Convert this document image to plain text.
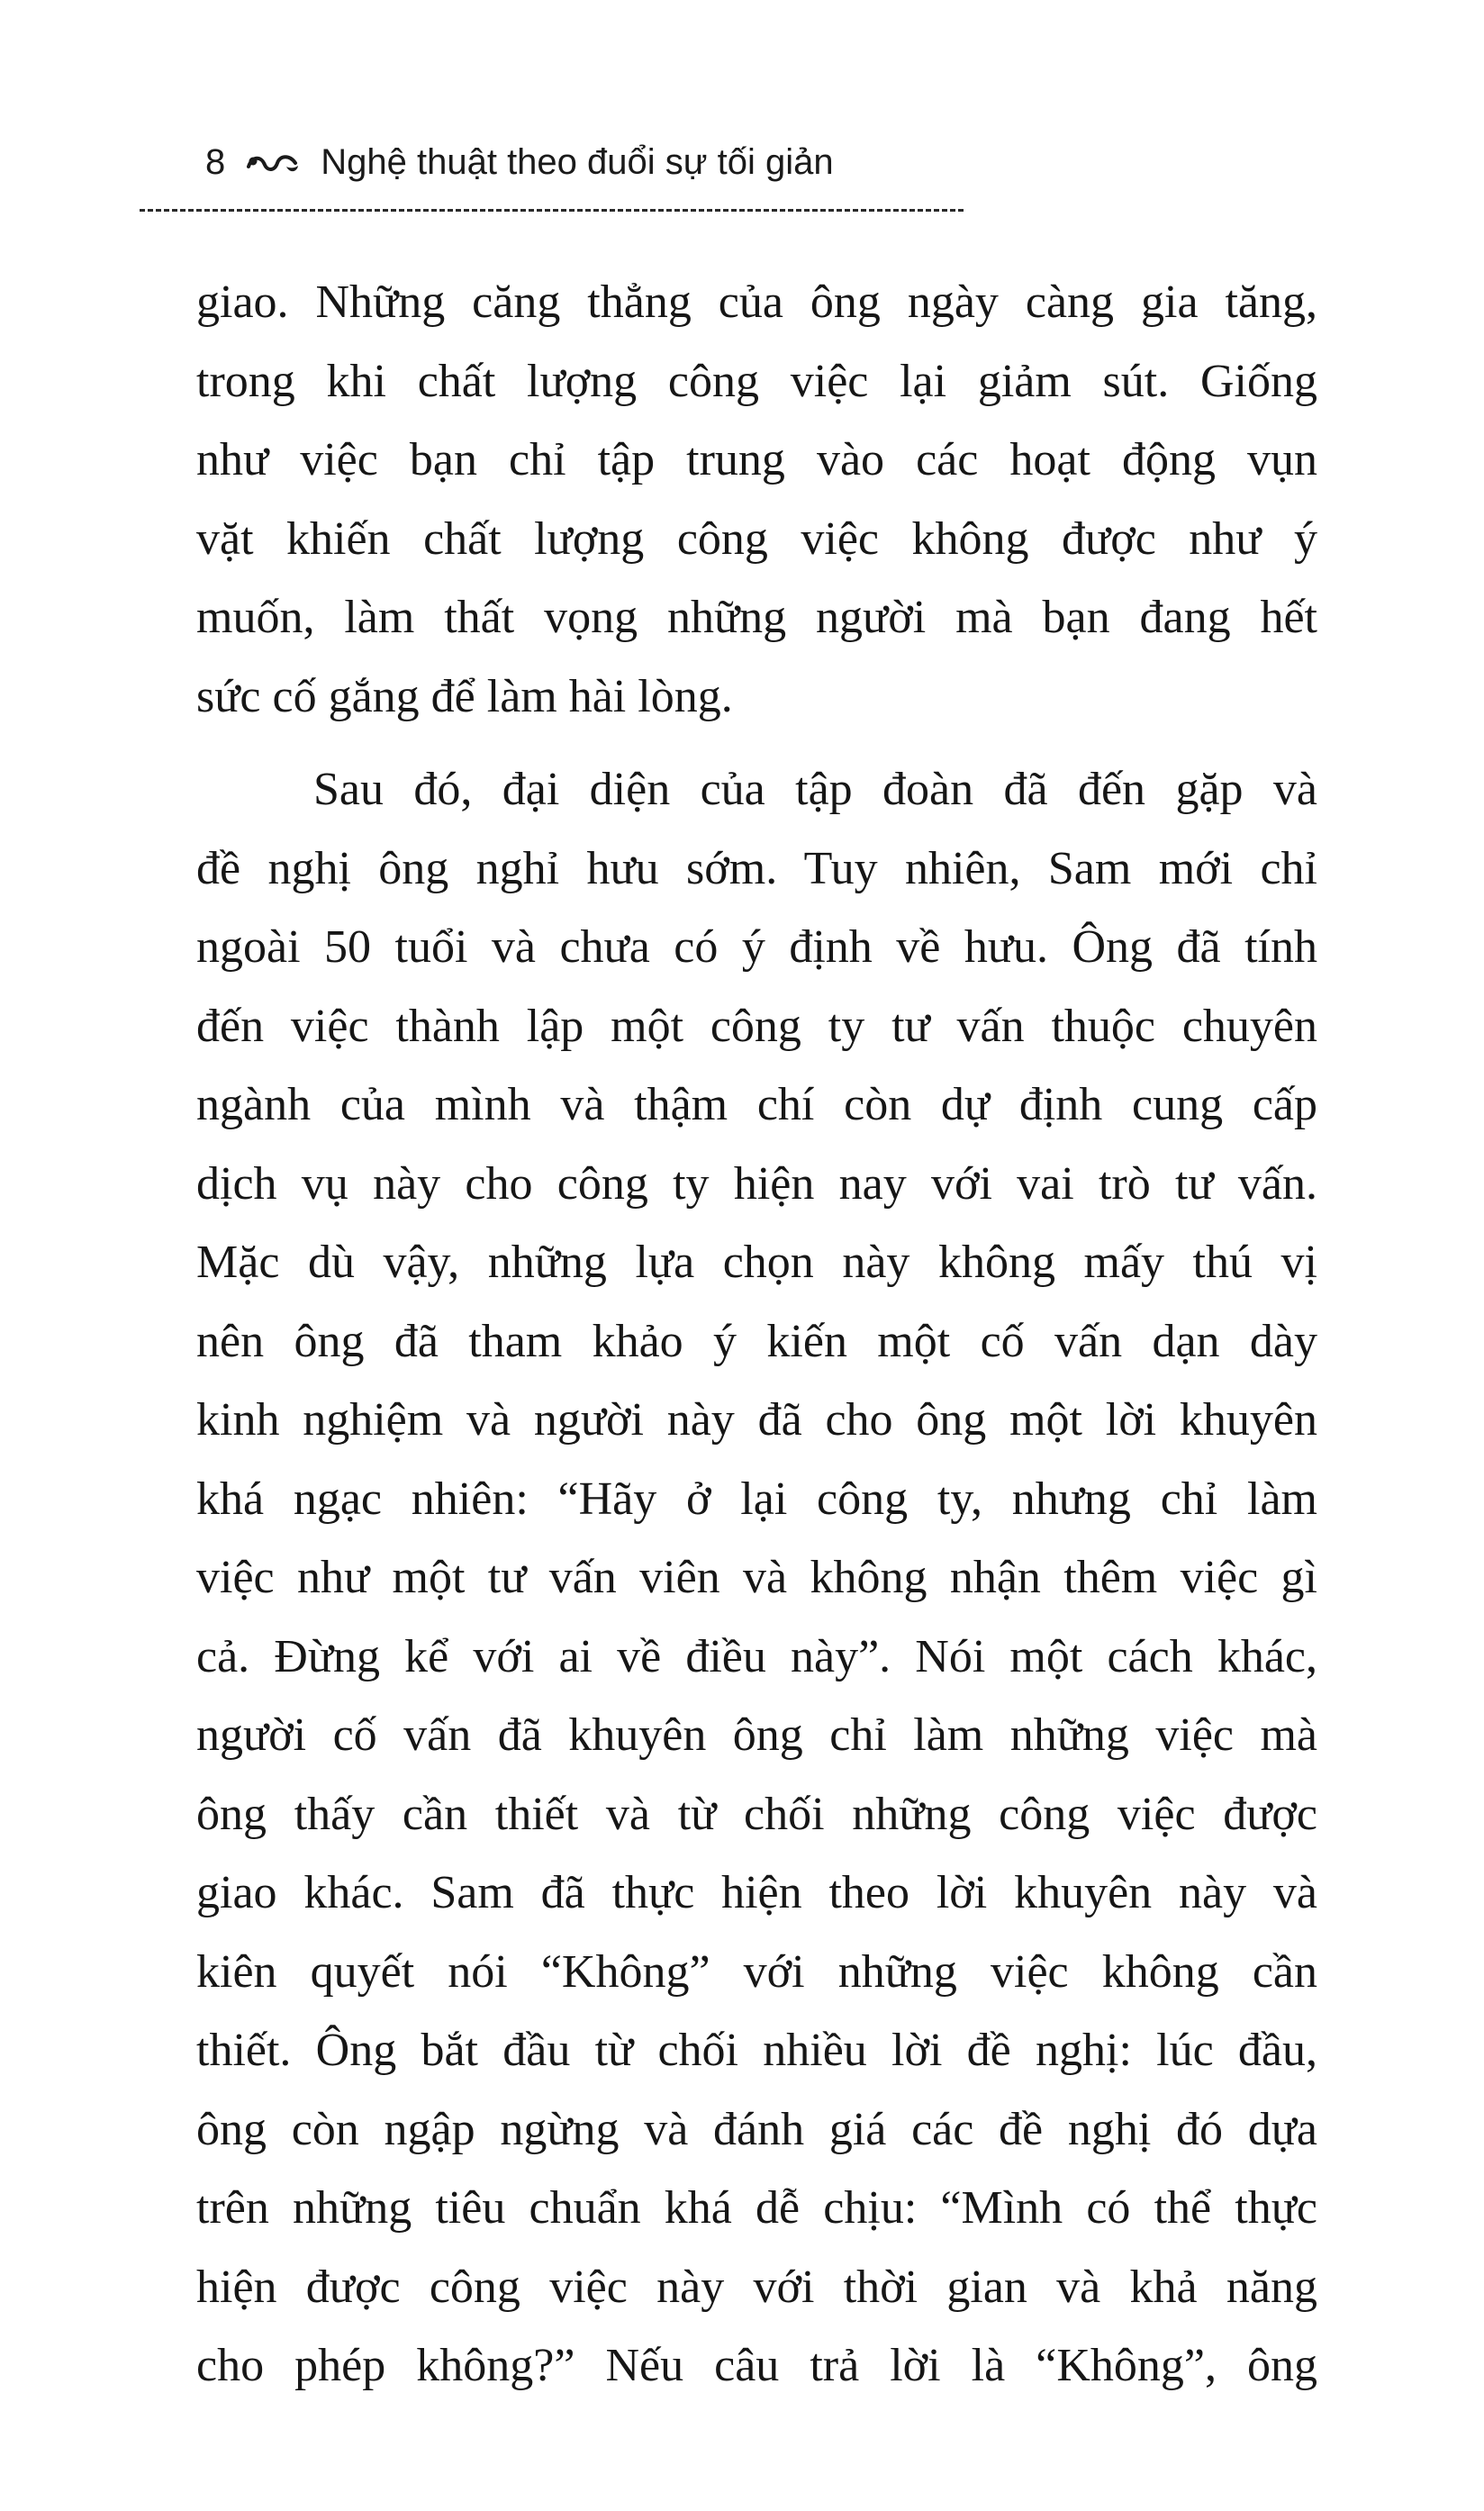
8	Nghệ thuật theo đuổi sự tối giản
giao. Những căng thẳng của ông ngày càng gia tăng,
trong khi chất lượng công việc lại giảm sút. Giống
như việc bạn chỉ tập trung vào các hoạt động vụn
vặt khiến chất lượng công việc không được như ý
muốn, làm thất vọng những người mà bạn đang hết
sức cố gắng để làm hài lòng.
Sau đó, đại diện của tập đoàn đã đến gặp và
đề nghị ông nghỉ hưu sớm. Tuy nhiên, Sam mới chỉ
ngoài 50 tuổi và chưa có ý định về hưu. Ông đã tính
đến việc thành lập một công ty tư vấn thuộc chuyên
ngành của mình và thậm chí còn dự định cung cấp
dịch vụ này cho công ty hiện nay với vai trò tư vấn.
Mặc dù vậy, những lựa chọn này không mấy thú vị
nên ông đã tham khảo ý kiến một cố vấn dạn dày
kinh nghiệm và người này đã cho ông một lời khuyên
khá ngạc nhiên: “Hãy ở lại công ty, nhưng chỉ làm
việc như một tư vấn viên và không nhận thêm việc gì
cả. Đừng kể với ai về điều này”. Nói một cách khác,
người cố vấn đã khuyên ông chỉ làm những việc mà
ông thấy cần thiết và từ chối những công việc được
giao khác. Sam đã thực hiện theo lời khuyên này và
kiên quyết nói “Không” với những việc không cần
thiết. Ông bắt đầu từ chối nhiều lời đề nghị: lúc đầu,
ông còn ngập ngừng và đánh giá các đề nghị đó dựa
trên những tiêu chuẩn khá dễ chịu: “Mình có thể thực
hiện được công việc này với thời gian và khả năng
cho phép không?” Nếu câu trả lời là “Không”, ông
